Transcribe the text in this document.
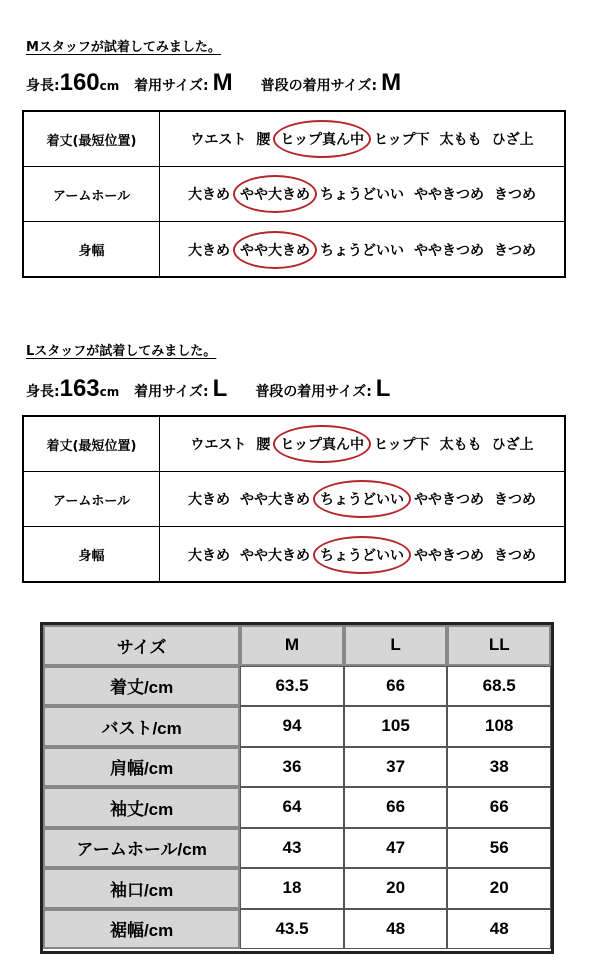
Mスタッフが試着してみました。
身長:160cm 着用サイズ: M 普段の着用サイズ: M
着丈(最短位置)	ウエスト 腰 ヒップ真ん中 ヒップ下 太もも ひざ上
アームホール	大きめ やや大きめ ちょうどいい ややきつめ きつめ
身幅	大きめ やや大きめ ちょうどいい ややきつめ きつめ
Lスタッフが試着してみました。
身長:163cm 着用サイズ: L 普段の着用サイズ: L
着丈(最短位置)	ウエスト 腰 ヒップ真ん中 ヒップ下 太もも ひざ上
アームホール	大きめ やや大きめ ちょうどいい ややきつめ きつめ
身幅	大きめ やや大きめ ちょうどいい ややきつめ きつめ
サイズ	M	L	LL
着丈/cm	63.5	66	68.5
バスト/cm	94	105	108
肩幅/cm	36	37	38
袖丈/cm	64	66	66
アームホール/cm	43	47	56
袖口/cm	18	20	20
裾幅/cm	43.5	48	48
